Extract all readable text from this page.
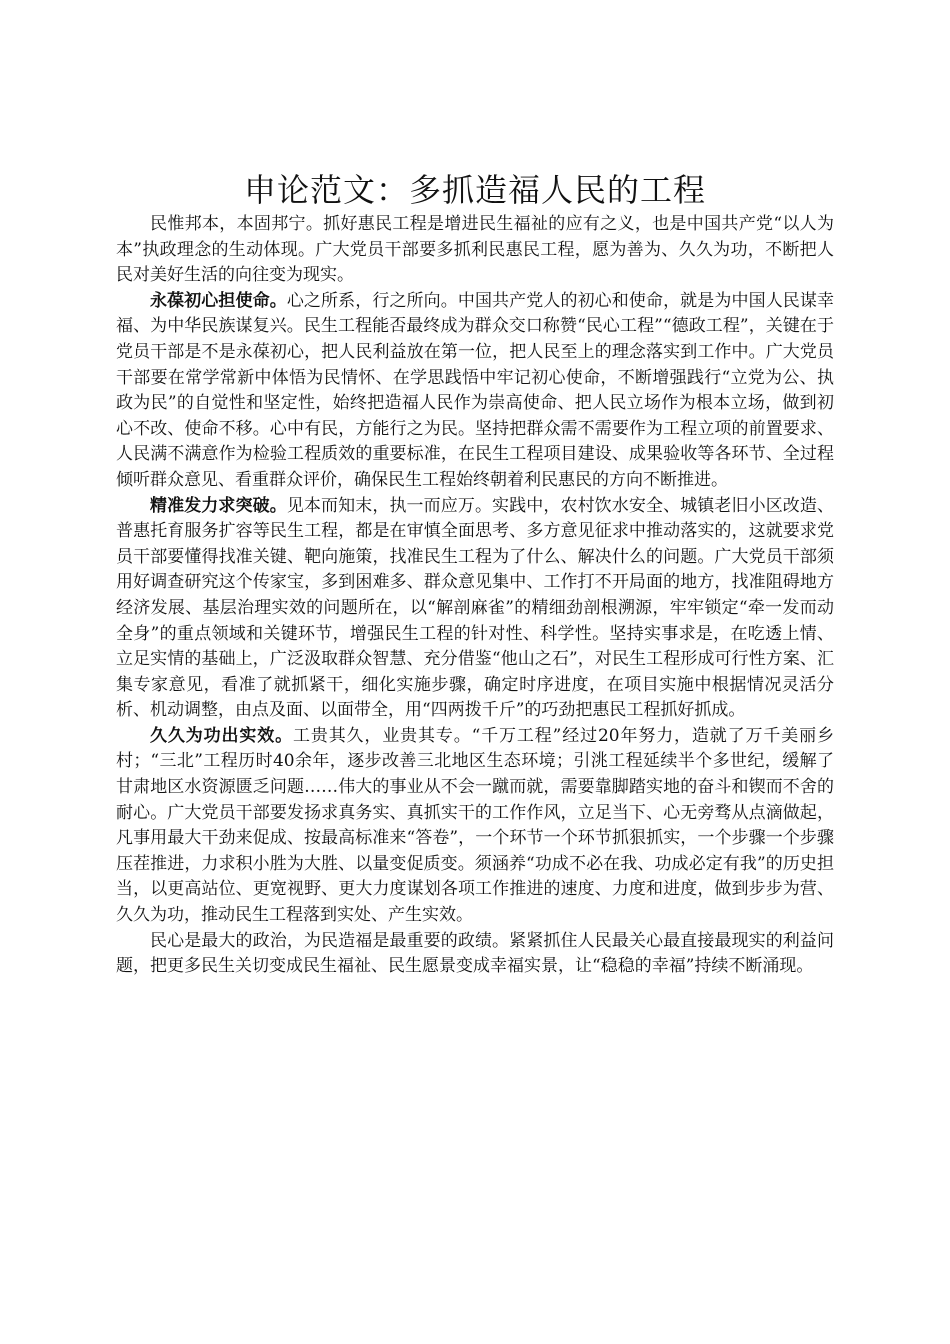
申论范文：多抓造福人民的工程

民惟邦本，本固邦宁。抓好惠民工程是增进民生福祉的应有之义，也是中国共产党“以人为本”执政理念的生动体现。广大党员干部要多抓利民惠民工程，愿为善为、久久为功，不断把人民对美好生活的向往变为现实。

永葆初心担使命。心之所系，行之所向。中国共产党人的初心和使命，就是为中国人民谋幸福、为中华民族谋复兴。民生工程能否最终成为群众交口称赞“民心工程”“德政工程”，关键在于党员干部是不是永葆初心，把人民利益放在第一位，把人民至上的理念落实到工作中。广大党员干部要在常学常新中体悟为民情怀、在学思践悟中牢记初心使命，不断增强践行“立党为公、执政为民”的自觉性和坚定性，始终把造福人民作为崇高使命、把人民立场作为根本立场，做到初心不改、使命不移。心中有民，方能行之为民。坚持把群众需不需要作为工程立项的前置要求、人民满不满意作为检验工程质效的重要标准，在民生工程项目建设、成果验收等各环节、全过程倾听群众意见、看重群众评价，确保民生工程始终朝着利民惠民的方向不断推进。

精准发力求突破。见本而知末，执一而应万。实践中，农村饮水安全、城镇老旧小区改造、普惠托育服务扩容等民生工程，都是在审慎全面思考、多方意见征求中推动落实的，这就要求党员干部要懂得找准关键、靶向施策，找准民生工程为了什么、解决什么的问题。广大党员干部须用好调查研究这个传家宝，多到困难多、群众意见集中、工作打不开局面的地方，找准阻碍地方经济发展、基层治理实效的问题所在，以“解剖麻雀”的精细劲剖根溯源，牢牢锁定“牵一发而动全身”的重点领域和关键环节，增强民生工程的针对性、科学性。坚持实事求是，在吃透上情、立足实情的基础上，广泛汲取群众智慧、充分借鉴“他山之石”，对民生工程形成可行性方案、汇集专家意见，看准了就抓紧干，细化实施步骤，确定时序进度，在项目实施中根据情况灵活分析、机动调整，由点及面、以面带全，用“四两拨千斤”的巧劲把惠民工程抓好抓成。

久久为功出实效。工贵其久，业贵其专。“千万工程”经过20年努力，造就了万千美丽乡村；“三北”工程历时40余年，逐步改善三北地区生态环境；引洮工程延续半个多世纪，缓解了甘肃地区水资源匮乏问题……伟大的事业从不会一蹴而就，需要靠脚踏实地的奋斗和锲而不舍的耐心。广大党员干部要发扬求真务实、真抓实干的工作作风，立足当下、心无旁骛从点滴做起，凡事用最大干劲来促成、按最高标准来“答卷”，一个环节一个环节抓狠抓实，一个步骤一个步骤压茬推进，力求积小胜为大胜、以量变促质变。须涵养“功成不必在我、功成必定有我”的历史担当，以更高站位、更宽视野、更大力度谋划各项工作推进的速度、力度和进度，做到步步为营、久久为功，推动民生工程落到实处、产生实效。

民心是最大的政治，为民造福是最重要的政绩。紧紧抓住人民最关心最直接最现实的利益问题，把更多民生关切变成民生福祉、民生愿景变成幸福实景，让“稳稳的幸福”持续不断涌现。
